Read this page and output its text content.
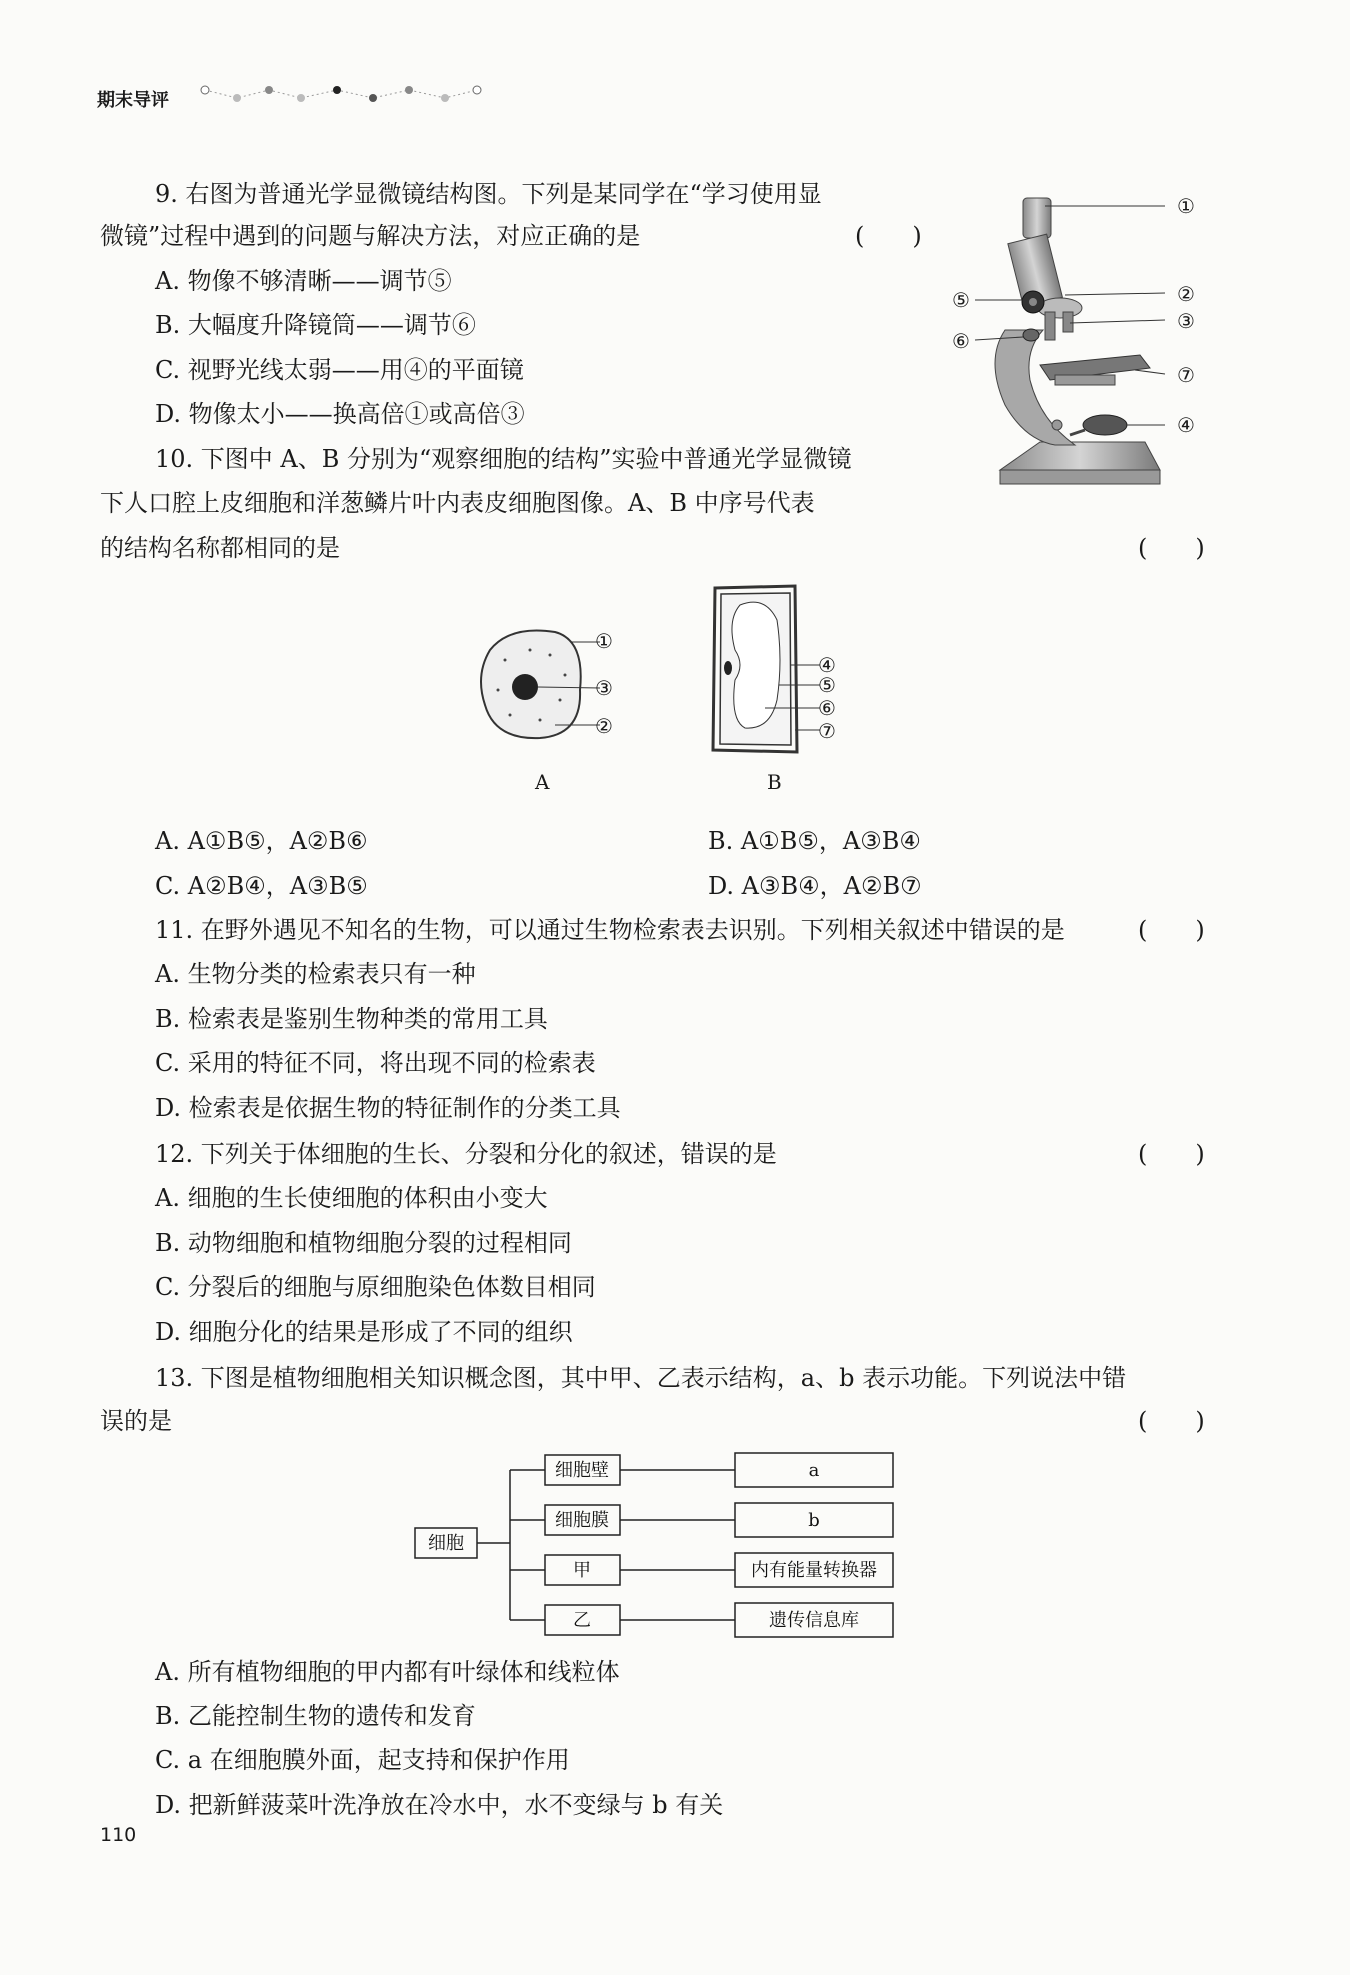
期末导评
9. 右图为普通光学显微镜结构图。下列是某同学在“学习使用显
微镜”过程中遇到的问题与解决方法，对应正确的是	(　　)
A. 物像不够清晰——调节⑤
B. 大幅度升降镜筒——调节⑥
C. 视野光线太弱——用④的平面镜
D. 物像太小——换高倍①或高倍③
①
②
③
④
⑤
⑥
⑦
10. 下图中 A、B 分别为“观察细胞的结构”实验中普通光学显微镜
下人口腔上皮细胞和洋葱鳞片叶内表皮细胞图像。A、B 中序号代表
的结构名称都相同的是	(　　)
①
③
②
A
④
⑤
⑥
⑦
B
A. A①B⑤，A②B⑥	B. A①B⑤，A③B④
C. A②B④，A③B⑤	D. A③B④，A②B⑦
11. 在野外遇见不知名的生物，可以通过生物检索表去识别。下列相关叙述中错误的是	(　　)
A. 生物分类的检索表只有一种
B. 检索表是鉴别生物种类的常用工具
C. 采用的特征不同，将出现不同的检索表
D. 检索表是依据生物的特征制作的分类工具
12. 下列关于体细胞的生长、分裂和分化的叙述，错误的是	(　　)
A. 细胞的生长使细胞的体积由小变大
B. 动物细胞和植物细胞分裂的过程相同
C. 分裂后的细胞与原细胞染色体数目相同
D. 细胞分化的结果是形成了不同的组织
13. 下图是植物细胞相关知识概念图，其中甲、乙表示结构，a、b 表示功能。下列说法中错
误的是	(　　)
细胞
细胞壁
细胞膜
甲
乙
a
b
内有能量转换器
遗传信息库
A. 所有植物细胞的甲内都有叶绿体和线粒体
B. 乙能控制生物的遗传和发育
C. a 在细胞膜外面，起支持和保护作用
D. 把新鲜菠菜叶洗净放在冷水中，水不变绿与 b 有关
110
